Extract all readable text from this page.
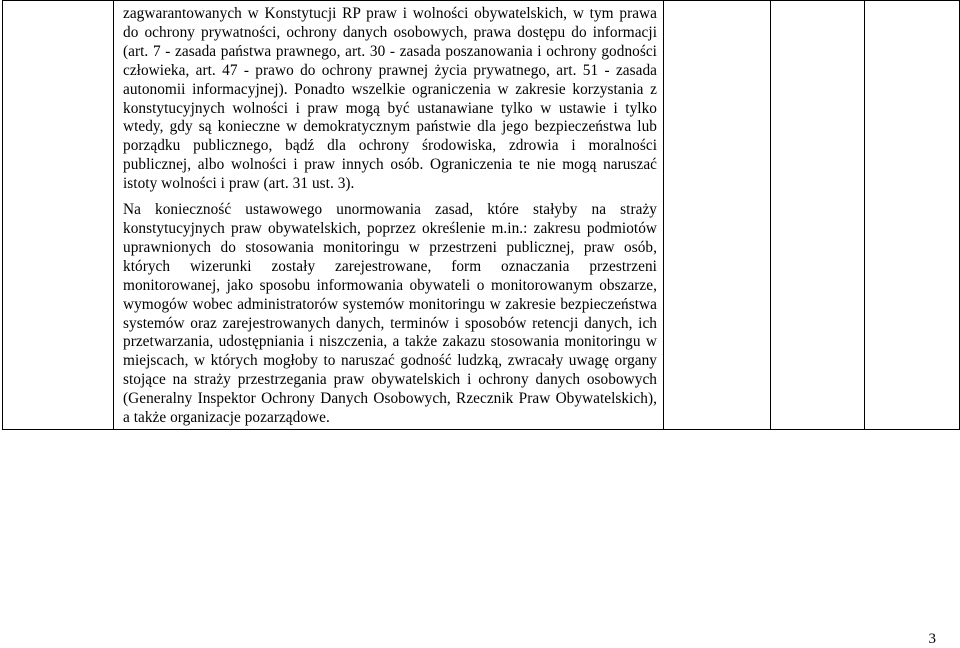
zagwarantowanych w Konstytucji RP praw i wolności obywatelskich, w tym prawa do ochrony prywatności, ochrony danych osobowych, prawa dostępu do informacji (art. 7 - zasada państwa prawnego, art. 30 - zasada poszanowania i ochrony godności człowieka, art. 47 - prawo do ochrony prawnej życia prywatnego, art. 51 - zasada autonomii informacyjnej). Ponadto wszelkie ograniczenia w zakresie korzystania z konstytucyjnych wolności i praw mogą być ustanawiane tylko w ustawie i tylko wtedy, gdy są konieczne w demokratycznym państwie dla jego bezpieczeństwa lub porządku publicznego, bądź dla ochrony środowiska, zdrowia i moralności publicznej, albo wolności i praw innych osób. Ograniczenia te nie mogą naruszać istoty wolności i praw (art. 31 ust. 3).

Na konieczność ustawowego unormowania zasad, które stałyby na straży konstytucyjnych praw obywatelskich, poprzez określenie m.in.: zakresu podmiotów uprawnionych do stosowania monitoringu w przestrzeni publicznej, praw osób, których wizerunki zostały zarejestrowane, form oznaczania przestrzeni monitorowanej, jako sposobu informowania obywateli o monitorowanym obszarze, wymogów wobec administratorów systemów monitoringu w zakresie bezpieczeństwa systemów oraz zarejestrowanych danych, terminów i sposobów retencji danych, ich przetwarzania, udostępniania i niszczenia, a także zakazu stosowania monitoringu w miejscach, w których mogłoby to naruszać godność ludzką, zwracały uwagę organy stojące na straży przestrzegania praw obywatelskich i ochrony danych osobowych (Generalny Inspektor Ochrony Danych Osobowych, Rzecznik Praw Obywatelskich), a także organizacje pozarządowe.

3
